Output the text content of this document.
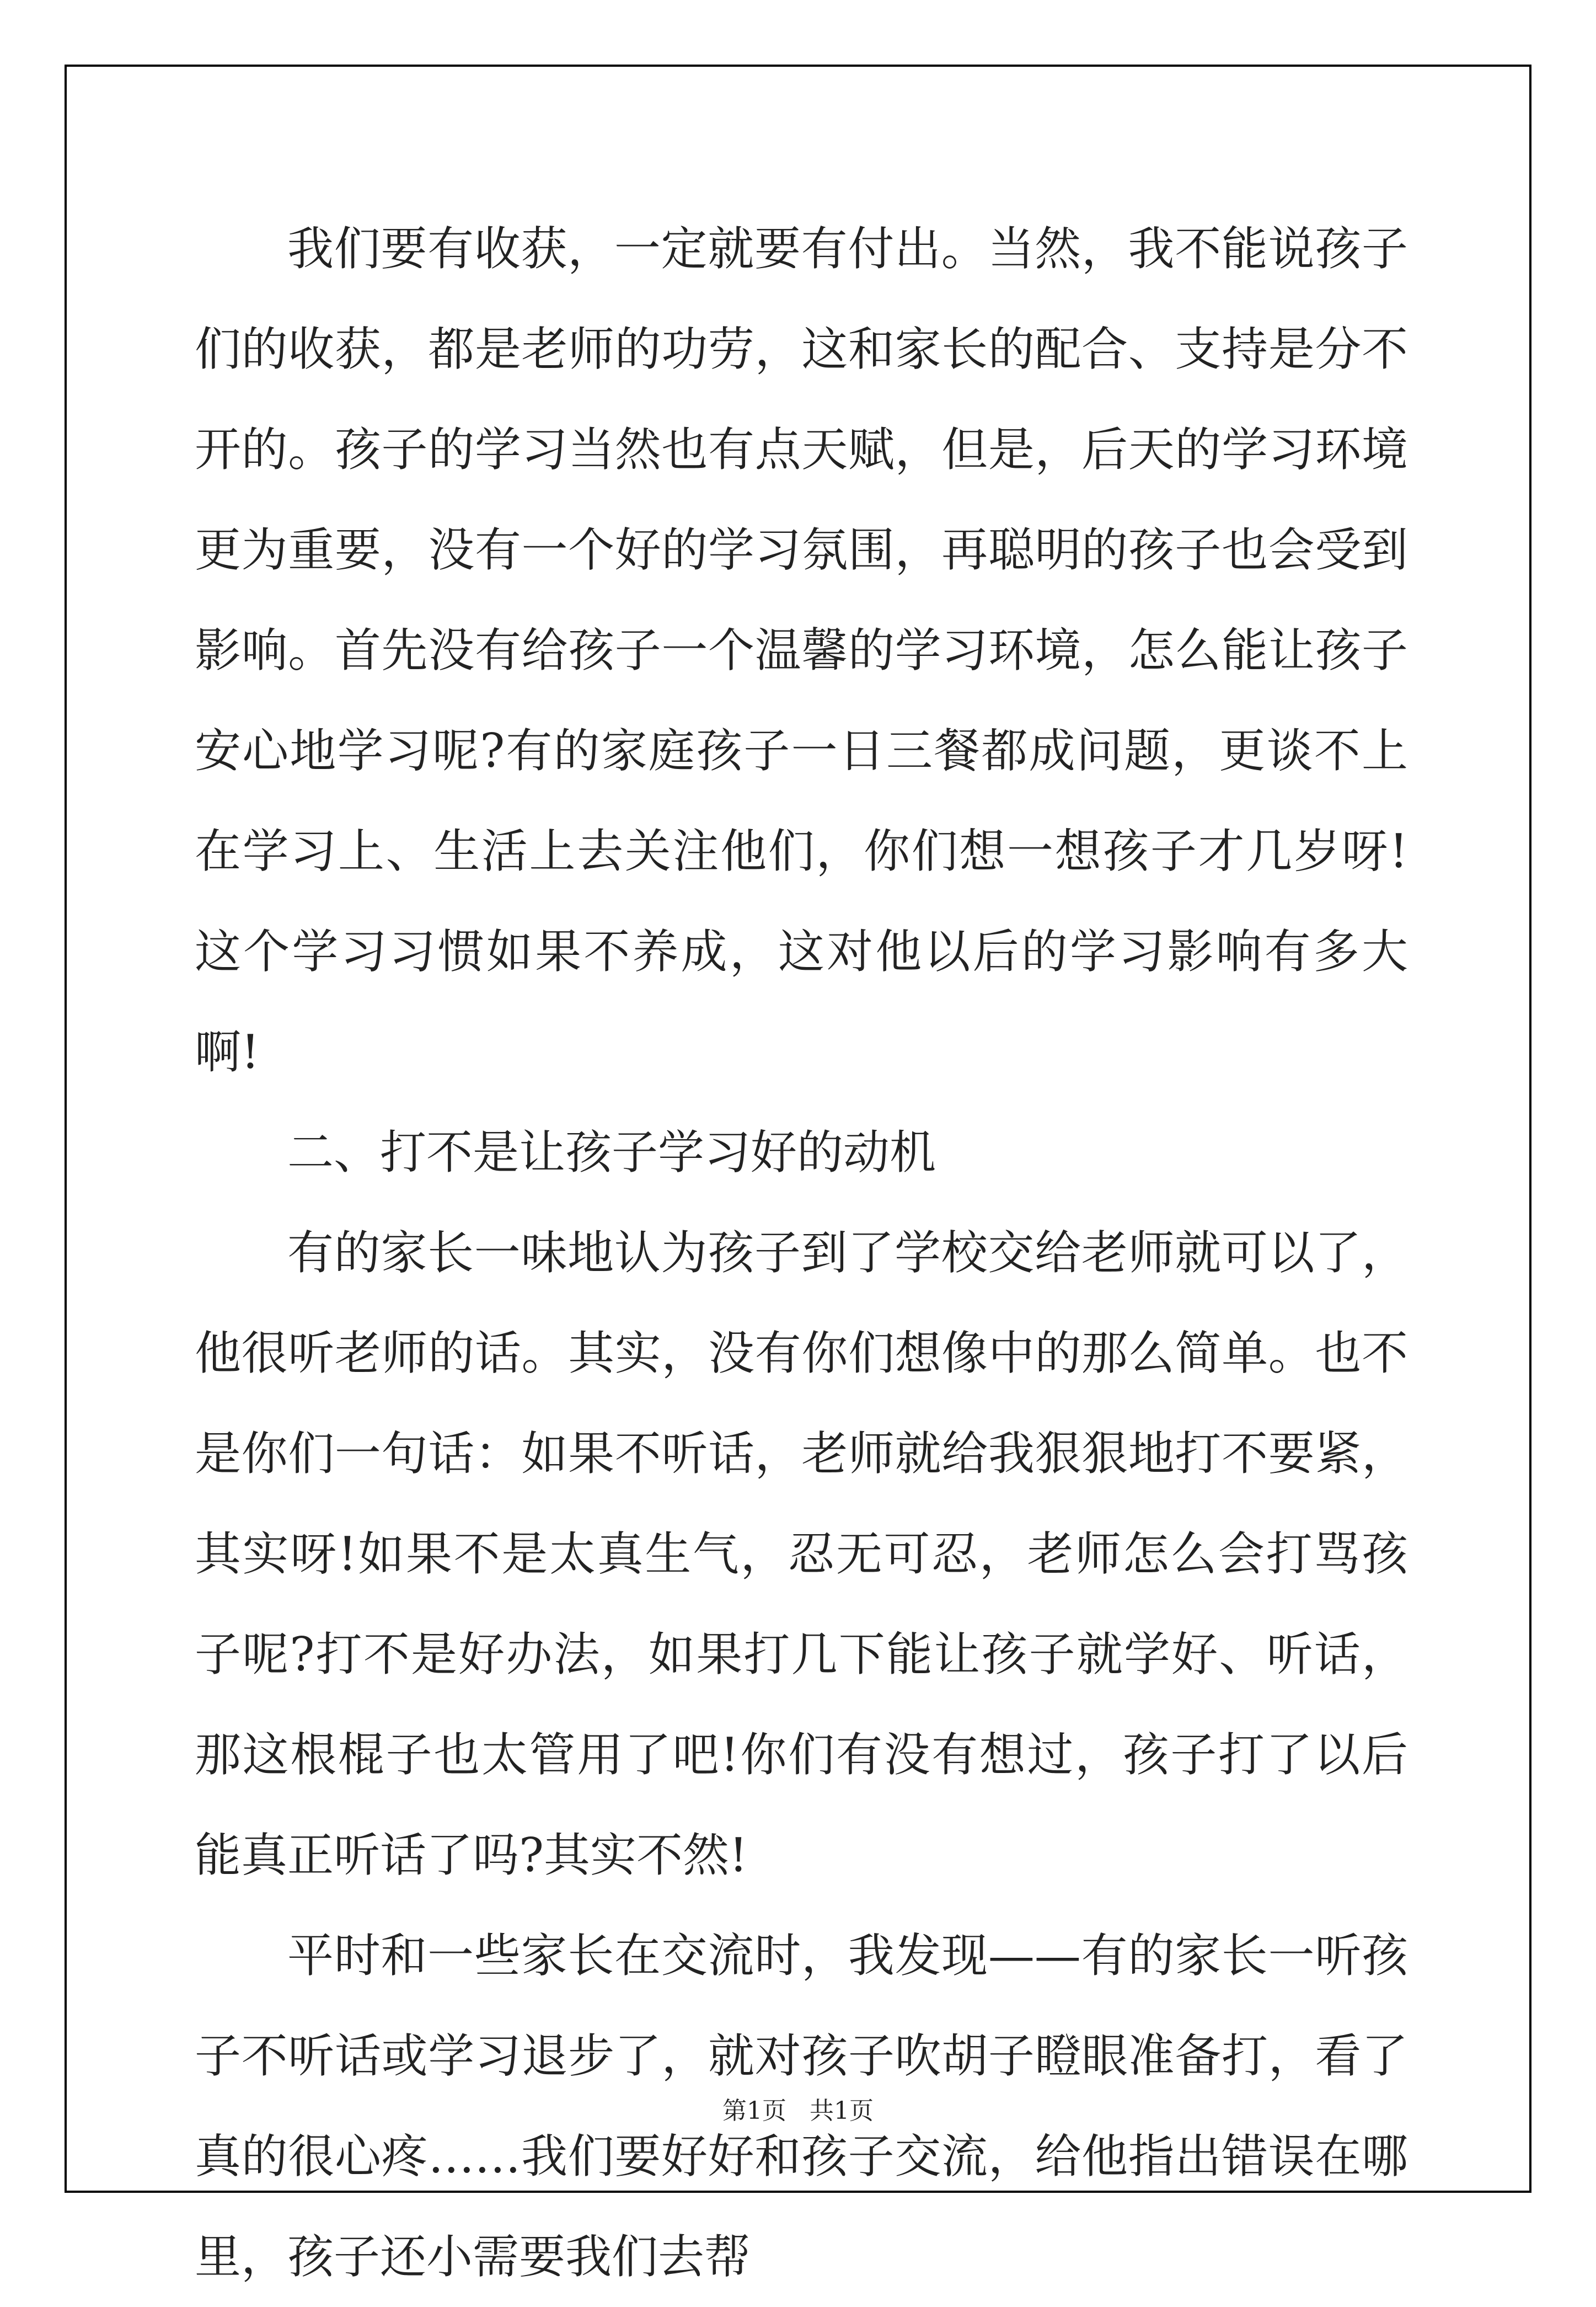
我们要有收获，一定就要有付出。当然，我不能说孩子们的收获，都是老师的功劳，这和家长的配合、支持是分不开的。孩子的学习当然也有点天赋，但是，后天的学习环境更为重要，没有一个好的学习氛围，再聪明的孩子也会受到影响。首先没有给孩子一个温馨的学习环境，怎么能让孩子安心地学习呢?有的家庭孩子一日三餐都成问题，更谈不上在学习上、生活上去关注他们，你们想一想孩子才几岁呀!这个学习习惯如果不养成，这对他以后的学习影响有多大啊!

二、打不是让孩子学习好的动机

有的家长一味地认为孩子到了学校交给老师就可以了，他很听老师的话。其实，没有你们想像中的那么简单。也不是你们一句话：如果不听话，老师就给我狠狠地打不要紧，其实呀!如果不是太真生气，忍无可忍，老师怎么会打骂孩子呢?打不是好办法，如果打几下能让孩子就学好、听话，那这根棍子也太管用了吧!你们有没有想过，孩子打了以后能真正听话了吗?其实不然!

平时和一些家长在交流时，我发现——有的家长一听孩子不听话或学习退步了，就对孩子吹胡子瞪眼准备打，看了真的很心疼……我们要好好和孩子交流，给他指出错误在哪里，孩子还小需要我们去帮

第1页   共1页
